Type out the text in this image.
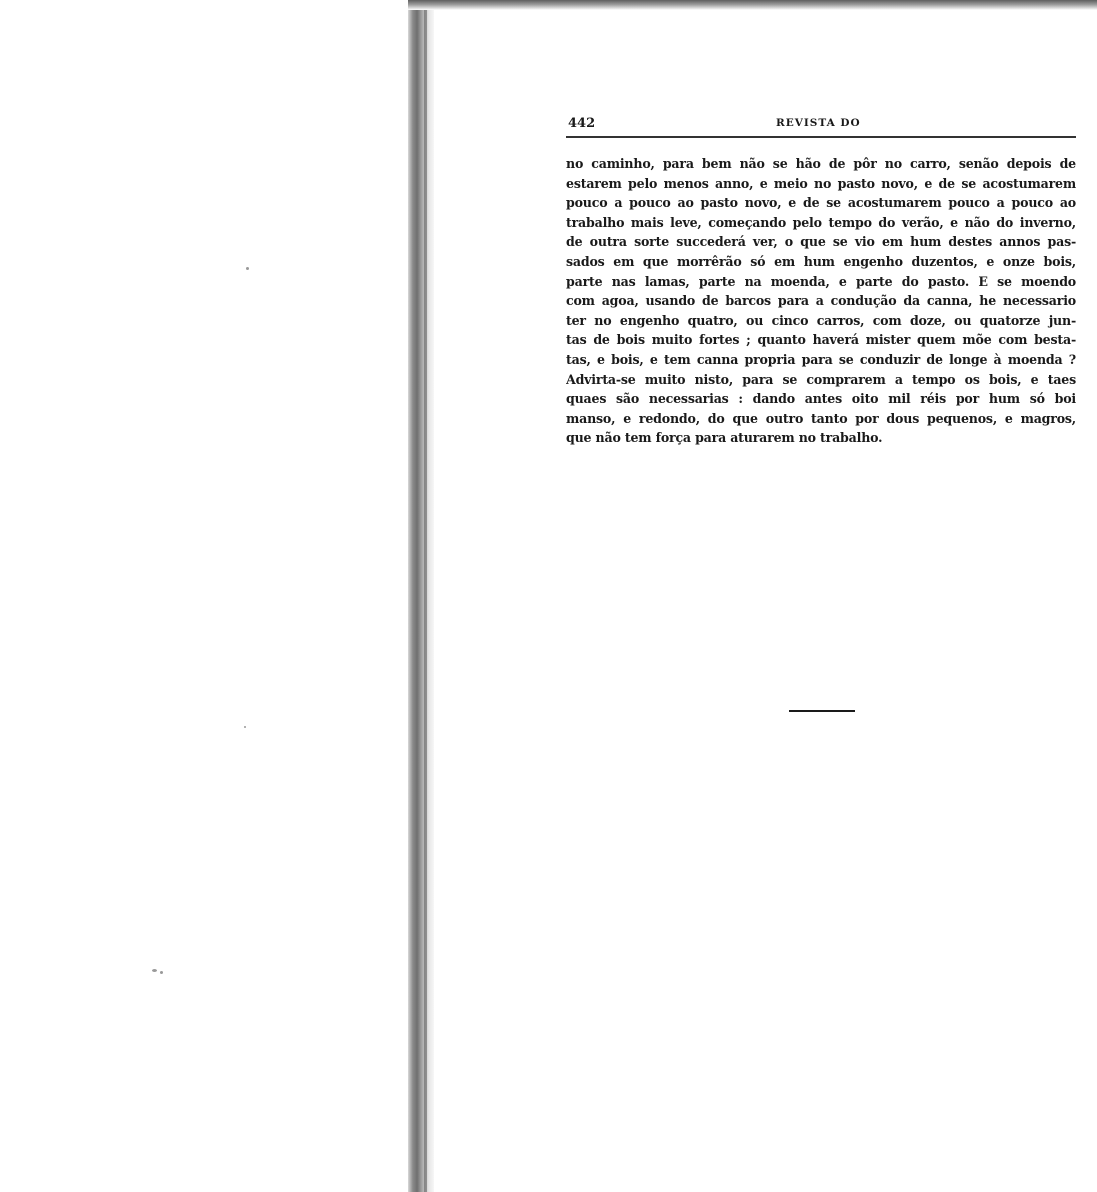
442	REVISTA DO
no caminho, para bem não se hão de pôr no carro, senão depois de
estarem pelo menos anno, e meio no pasto novo, e de se acostumarem
pouco a pouco ao pasto novo, e de se acostumarem pouco a pouco ao
trabalho mais leve, começando pelo tempo do verão, e não do inverno,
de outra sorte succederá ver, o que se vio em hum destes annos pas-
sados em que morrêrão só em hum engenho duzentos, e onze bois,
parte nas lamas, parte na moenda, e parte do pasto. E se moendo
com agoa, usando de barcos para a condução da canna, he necessario
ter no engenho quatro, ou cinco carros, com doze, ou quatorze jun-
tas de bois muito fortes ; quanto haverá mister quem mõe com besta-
tas, e bois, e tem canna propria para se conduzir de longe à moenda ?
Advirta-se muito nisto, para se comprarem a tempo os bois, e taes
quaes são necessarias : dando antes oito mil réis por hum só boi
manso, e redondo, do que outro tanto por dous pequenos, e magros,
que não tem força para aturarem no trabalho.
